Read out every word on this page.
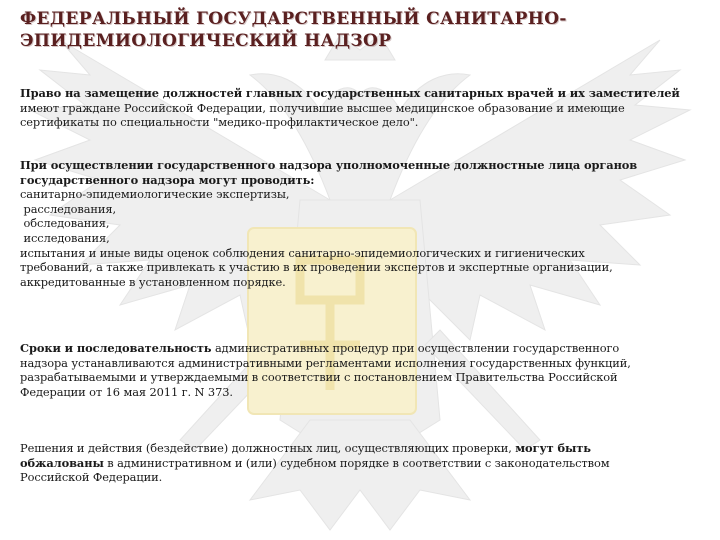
ФЕДЕРАЛЬНЫЙ ГОСУДАРСТВЕННЫЙ САНИТАРНО-
ЭПИДЕМИОЛОГИЧЕСКИЙ НАДЗОР
Право на замещение должностей главных государственных санитарных врачей и их заместителей
имеют граждане Российской Федерации, получившие высшее медицинское образование и имеющие
сертификаты по специальности "медико-профилактическое дело".
При осуществлении государственного надзора уполномоченные должностные лица органов
государственного надзора могут проводить:
санитарно-эпидемиологические экспертизы,
расследования,
обследования,
исследования,
испытания и иные виды оценок соблюдения санитарно-эпидемиологических и гигиенических
требований, а также привлекать к участию в их проведении экспертов и экспертные организации,
аккредитованные в установленном порядке.
Сроки и последовательность административных процедур при осуществлении государственного
надзора устанавливаются административными регламентами исполнения государственных функций,
разрабатываемыми и утверждаемыми в соответствии с постановлением Правительства Российской
Федерации от 16 мая 2011 г. N 373.
Решения и действия (бездействие) должностных лиц, осуществляющих проверки, могут быть
обжалованы в административном и (или) судебном порядке в соответствии с законодательством
Российской Федерации.
